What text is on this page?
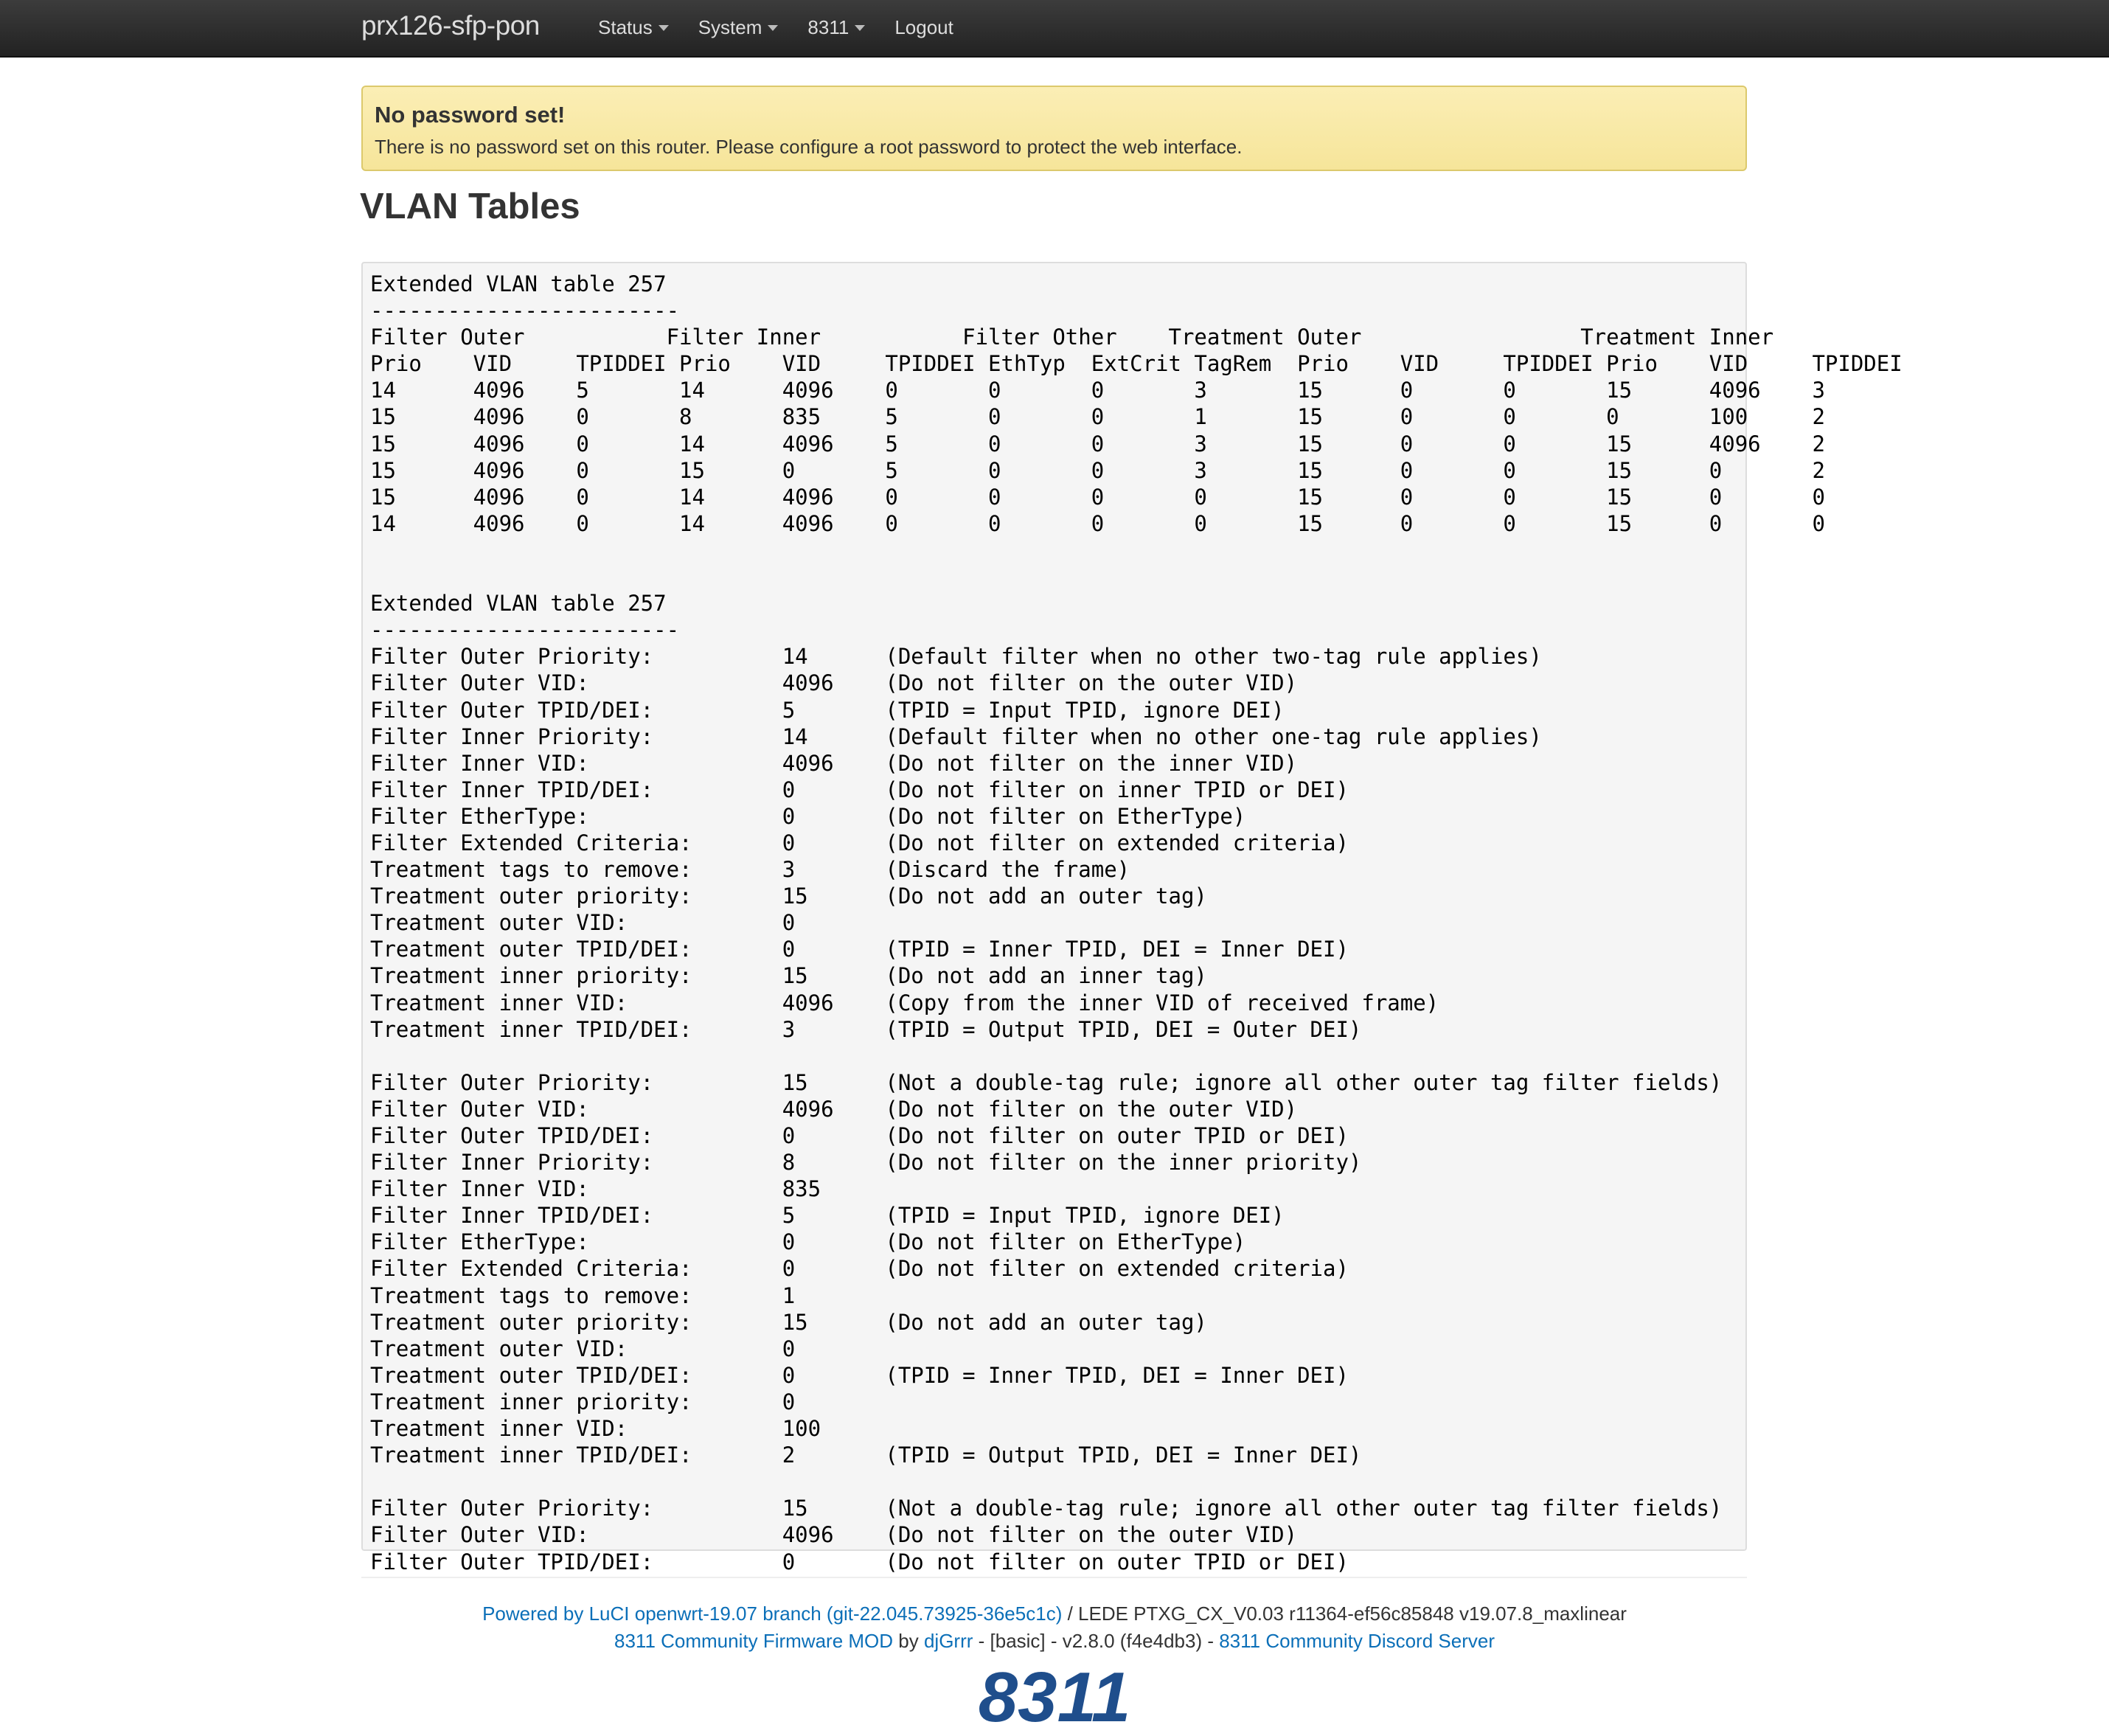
prx126-sfp-pon	Status System 8311 Logout
No password set!
There is no password set on this router. Please configure a root password to protect the web interface.
VLAN Tables
Extended VLAN table 257
------------------------
Filter Outer           Filter Inner           Filter Other    Treatment Outer                 Treatment Inner
Prio    VID     TPIDDEI Prio    VID     TPIDDEI EthTyp  ExtCrit TagRem  Prio    VID     TPIDDEI Prio    VID     TPIDDEI
14      4096    5       14      4096    0       0       0       3       15      0       0       15      4096    3
15      4096    0       8       835     5       0       0       1       15      0       0       0       100     2
15      4096    0       14      4096    5       0       0       3       15      0       0       15      4096    2
15      4096    0       15      0       5       0       0       3       15      0       0       15      0       2
15      4096    0       14      4096    0       0       0       0       15      0       0       15      0       0
14      4096    0       14      4096    0       0       0       0       15      0       0       15      0       0

Extended VLAN table 257
------------------------
Filter Outer Priority:          14      (Default filter when no other two-tag rule applies)
Filter Outer VID:               4096    (Do not filter on the outer VID)
Filter Outer TPID/DEI:          5       (TPID = Input TPID, ignore DEI)
Filter Inner Priority:          14      (Default filter when no other one-tag rule applies)
Filter Inner VID:               4096    (Do not filter on the inner VID)
Filter Inner TPID/DEI:          0       (Do not filter on inner TPID or DEI)
Filter EtherType:               0       (Do not filter on EtherType)
Filter Extended Criteria:       0       (Do not filter on extended criteria)
Treatment tags to remove:       3       (Discard the frame)
Treatment outer priority:       15      (Do not add an outer tag)
Treatment outer VID:            0
Treatment outer TPID/DEI:       0       (TPID = Inner TPID, DEI = Inner DEI)
Treatment inner priority:       15      (Do not add an inner tag)
Treatment inner VID:            4096    (Copy from the inner VID of received frame)
Treatment inner TPID/DEI:       3       (TPID = Output TPID, DEI = Outer DEI)

Filter Outer Priority:          15      (Not a double-tag rule; ignore all other outer tag filter fields)
Filter Outer VID:               4096    (Do not filter on the outer VID)
Filter Outer TPID/DEI:          0       (Do not filter on outer TPID or DEI)
Filter Inner Priority:          8       (Do not filter on the inner priority)
Filter Inner VID:               835
Filter Inner TPID/DEI:          5       (TPID = Input TPID, ignore DEI)
Filter EtherType:               0       (Do not filter on EtherType)
Filter Extended Criteria:       0       (Do not filter on extended criteria)
Treatment tags to remove:       1
Treatment outer priority:       15      (Do not add an outer tag)
Treatment outer VID:            0
Treatment outer TPID/DEI:       0       (TPID = Inner TPID, DEI = Inner DEI)
Treatment inner priority:       0
Treatment inner VID:            100
Treatment inner TPID/DEI:       2       (TPID = Output TPID, DEI = Inner DEI)

Filter Outer Priority:          15      (Not a double-tag rule; ignore all other outer tag filter fields)
Filter Outer VID:               4096    (Do not filter on the outer VID)
Filter Outer TPID/DEI:          0       (Do not filter on outer TPID or DEI)

Powered by LuCI openwrt-19.07 branch (git-22.045.73925-36e5c1c) / LEDE PTXG_CX_V0.03 r11364-ef56c85848 v19.07.8_maxlinear
8311 Community Firmware MOD by djGrrr - [basic] - v2.8.0 (f4e4db3) - 8311 Community Discord Server
8311
